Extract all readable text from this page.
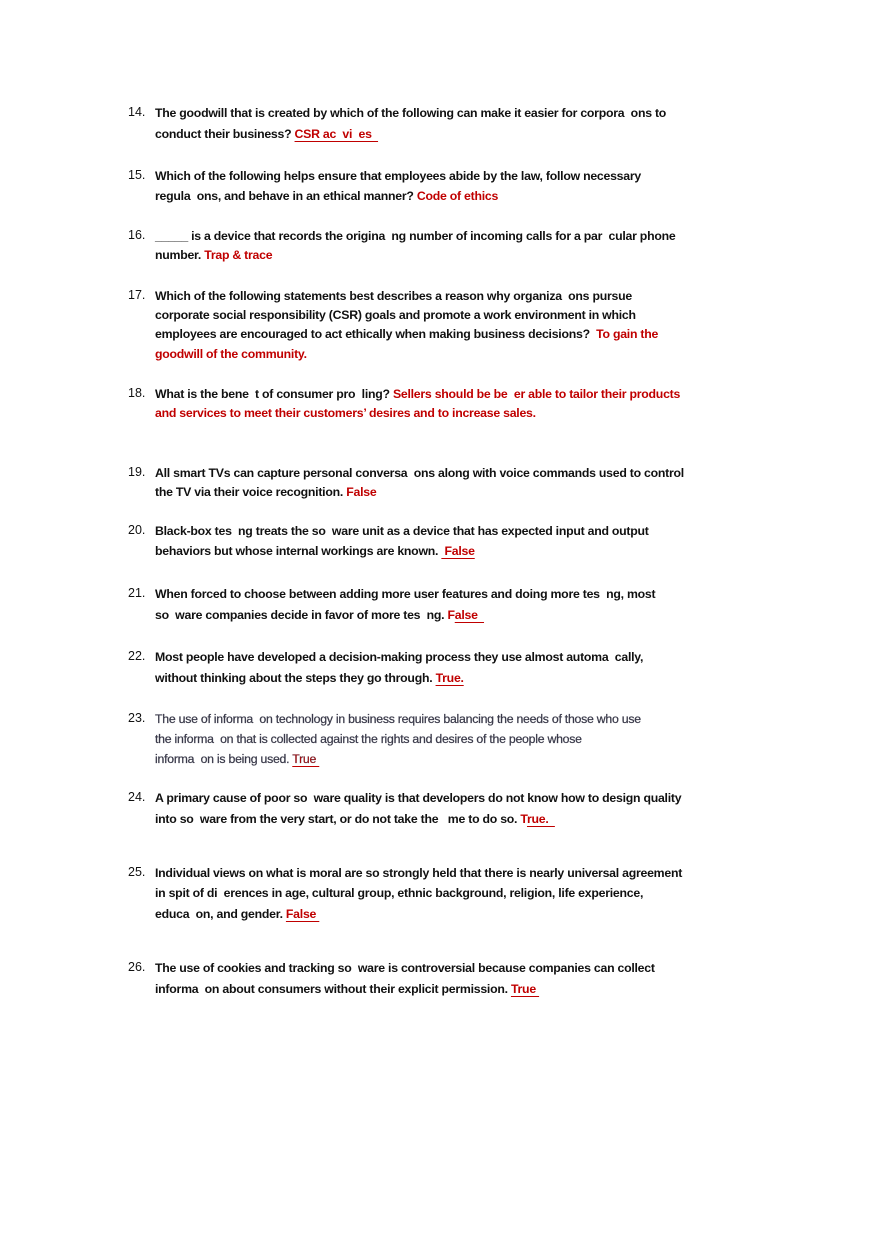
14. The goodwill that is created by which of the following can make it easier for corpora  ons to
conduct their business? CSR ac  vi  es
15. Which of the following helps ensure that employees abide by the law, follow necessary
regula  ons, and behave in an ethical manner? Code of ethics
16. _____ is a device that records the origina  ng number of incoming calls for a par  cular phone
number. Trap & trace
17. Which of the following statements best describes a reason why organiza  ons pursue
corporate social responsibility (CSR) goals and promote a work environment in which
employees are encouraged to act ethically when making business decisions?  To gain the
goodwill of the community.
18. What is the bene  t of consumer pro  ling? Sellers should be be  er able to tailor their products
and services to meet their customers’ desires and to increase sales.
19. All smart TVs can capture personal conversa  ons along with voice commands used to control
the TV via their voice recognition. False
20. Black-box tes  ng treats the so  ware unit as a device that has expected input and output
behaviors but whose internal workings are known.  False
21. When forced to choose between adding more user features and doing more tes  ng, most
so  ware companies decide in favor of more tes  ng. False
22. Most people have developed a decision-making process they use almost automa  cally,
without thinking about the steps they go through. True.
23. The use of informa  on technology in business requires balancing the needs of those who use
the informa  on that is collected against the rights and desires of the people whose
informa  on is being used. True
24. A primary cause of poor so  ware quality is that developers do not know how to design quality
into so  ware from the very start, or do not take the   me to do so. True.
25. Individual views on what is moral are so strongly held that there is nearly universal agreement
in spit of di  erences in age, cultural group, ethnic background, religion, life experience,
educa  on, and gender. False
26. The use of cookies and tracking so  ware is controversial because companies can collect
informa  on about consumers without their explicit permission. True
